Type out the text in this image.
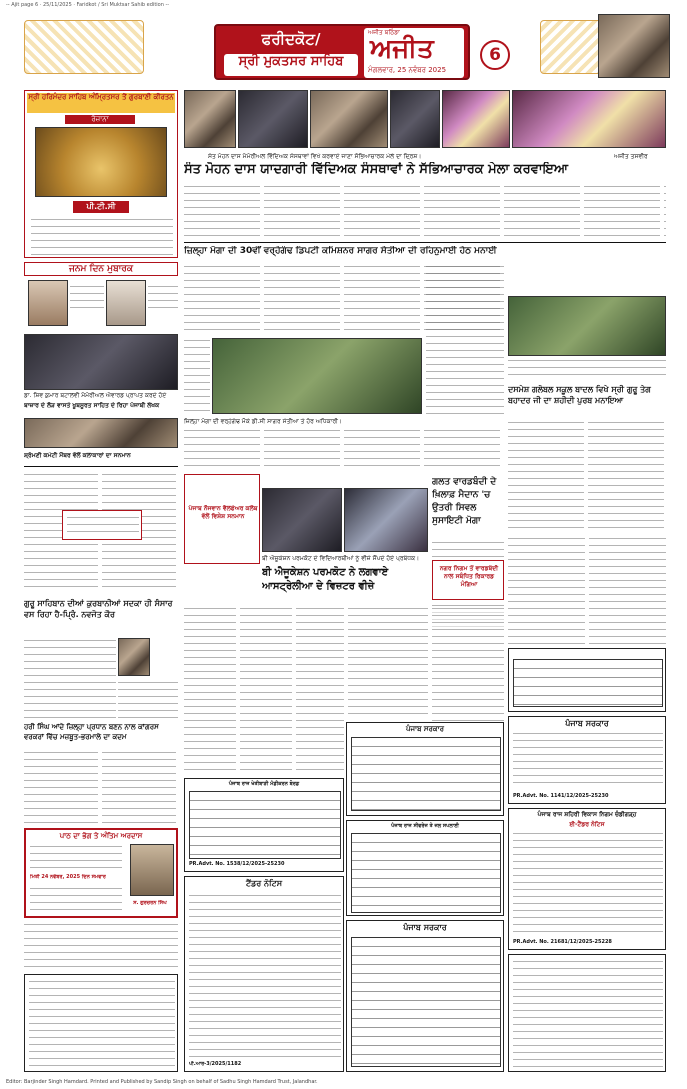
-- Ajit page 6 · 25/11/2025 · Faridkot / Sri Muktsar Sahib edition --
ਫਰੀਦਕੋਟ/
ਸ੍ਰੀ ਮੁਕਤਸਰ ਸਾਹਿਬ
ਅਜੀਤ ਬਠਿੰਡਾ
ਅਜੀਤ
ਮੰਗਲਵਾਰ, 25 ਨਵੰਬਰ 2025
6
ਸ੍ਰੀ ਹਰਿਮੰਦਰ ਸਾਹਿਬ ਅੰਮ੍ਰਿਤਸਰ ਤੋਂ ਗੁਰਬਾਣੀ ਕੀਰਤਨ
ਰੋਜ਼ਾਨਾ
ਪੀ.ਟੀ.ਸੀ
ਜਨਮ ਦਿਨ ਮੁਬਾਰਕ
ਸੰਤ ਮੋਹਨ ਦਾਸ ਮੈਮੋਰੀਅਲ ਵਿੱਦਿਅਕ ਸੰਸਥਾਵਾਂ ਵਿਖੇ ਕਰਵਾਏ ਜਾਣਾ ਸੱਭਿਆਚਾਰਕ ਮੇਲੇ ਦਾ ਦ੍ਰਿਸ਼।	ਅਜੀਤ ਤਸਵੀਰ
ਸੰਤ ਮੋਹਨ ਦਾਸ ਯਾਦਗਾਰੀ ਵਿੱਦਿਅਕ ਸੰਸਥਾਵਾਂ ਨੇ ਸੱਭਿਆਚਾਰਕ ਮੇਲਾ ਕਰਵਾਇਆ
ਜ਼ਿਲ੍ਹਾ ਮੋਗਾ ਦੀ 30ਵੀਂ ਵਰ੍ਹੇਗੰਢ ਡਿਪਟੀ ਕਮਿਸ਼ਨਰ ਸਾਗਰ ਸੇਤੀਆ ਦੀ ਰਹਿਨੁਮਾਈ ਹੇਠ ਮਨਾਈ
ਜ਼ਿਲ੍ਹਾ ਮੋਗਾ ਦੀ ਵਰ੍ਹੇਗੰਢ ਮੌਕੇ ਡੀ.ਸੀ ਸਾਗਰ ਸੇਤੀਆ ਤੇ ਹੋਰ ਅਧਿਕਾਰੀ।
ਦਸਮੇਸ਼ ਗਲੋਬਲ ਸਕੂਲ ਬਾਦਲ ਵਿਖੇ ਸ੍ਰੀ ਗੁਰੂ ਤੇਗ ਬਹਾਦਰ ਜੀ ਦਾ ਸ਼ਹੀਦੀ ਪੁਰਬ ਮਨਾਇਆ
ਡਾ. ਸ਼ਿਵ ਕੁਮਾਰ ਬਟਾਲਵੀ ਮੈਮੋਰੀਅਲ ਐਵਾਰਡ ਪ੍ਰਾਪਤ ਕਰਦੇ ਹੋਏ
ਬਾਜ਼ਾਰ ਦੇ ਲੋੜ ਵਾਸਤੇ ਖੂਬਸੂਰਤ ਸਾਹਿਤ ਦੇ ਰਿਹਾ ਪੰਜਾਬੀ ਲੇਖਕ
ਸ਼੍ਰੋਮਣੀ ਕਮੇਟੀ ਮੈਂਬਰ ਵੱਲੋਂ ਕਲਾਕਾਰਾਂ ਦਾ ਸਨਮਾਨ
ਗੁਰੂ ਸਾਹਿਬਾਨ ਦੀਆਂ ਕੁਰਬਾਨੀਆਂ ਸਦਕਾ ਹੀ ਸੰਸਾਰ ਵਸ ਰਿਹਾ ਹੈ-ਪ੍ਰਿੰ. ਨਵਜੋਤ ਕੌਰ
ਹਰੀ ਸਿੰਘ ਆਂਦੇ ਜ਼ਿਲ੍ਹਾ ਪ੍ਰਧਾਨ ਬਣਨ ਨਾਲ ਕਾਂਗਰਸ ਵਰਕਰਾਂ ਵਿੱਚ ਮਜ਼ਬੂਤ-ਭਰਮਾਲੇ ਦਾ ਕਦਮ
ਪਾਠ ਦਾ ਭੋਗ ਤੇ ਅੰਤਿਮ ਅਰਦਾਸ
ਮਿਤੀ 24 ਨਵੰਬਰ, 2025 ਦਿਨ ਸੋਮਵਾਰ
ਸ. ਗੁਰਚਰਨ ਸਿੰਘ
ਪੰਜਾਬ ਨੌਜਵਾਨ ਵੈਲਫੇਅਰ ਕਲੱਬ ਵੱਲੋਂ ਵਿਸ਼ੇਸ਼ ਸਨਮਾਨ
ਬੀ ਐਜੂਕੇਸ਼ਨ ਪਰਮਕੋਟ ਦੇ ਵਿਦਿਆਰਥੀਆਂ ਨੂੰ ਵੀਜ਼ੇ ਸੌਂਪਦੇ ਹੋਏ ਪ੍ਰਬੰਧਕ।
ਬੀ ਐਜੂਕੇਸ਼ਨ ਪਰਮਕੋਟ ਨੇ ਲਗਵਾਏ ਆਸਟ੍ਰੇਲੀਆ ਦੇ ਵਿਜ਼ਟਰ ਵੀਜ਼ੇ
ਗਲਤ ਵਾਰਡਬੰਦੀ ਦੇ ਖ਼ਿਲਾਫ਼ ਮੈਦਾਨ 'ਚ ਉਤਰੀ ਸਿਵਲ ਸੁਸਾਇਟੀ ਮੋਗਾ
ਨਗਰ ਨਿਗਮ ਤੋਂ ਵਾਰਡਬੰਦੀ ਨਾਲ ਸਬੰਧਿਤ ਰਿਕਾਰਡ ਮੰਗਿਆ
ਪੰਜਾਬ ਸਰਕਾਰ
PR.Advt. No. 1141/12/2025-25230
ਪੰਜਾਬ ਰਾਜ ਸ਼ਹਿਰੀ ਵਿਕਾਸ ਨਿਗਮ ਚੰਡੀਗੜ੍ਹ
ਈ-ਟੈਂਡਰ ਨੋਟਿਸ
PR.Advt. No. 21681/12/2025-25228
ਪੰਜਾਬ ਸਰਕਾਰ
ਪੰਜਾਬ ਰਾਜ ਖੇਤੀਬਾੜੀ ਮੰਡੀਕਰਨ ਬੋਰਡ
PR.Advt. No. 1538/12/2025-25230
ਪੰਜਾਬ ਰਾਜ ਸੀਵਰੇਜ ਤੇ ਜਲ ਸਪਲਾਈ
ਟੈਂਡਰ ਨੋਟਿਸ
ਪੀ.ਆਰ-3/2025/1182
ਪੰਜਾਬ ਸਰਕਾਰ
Editor: Barjinder Singh Hamdard. Printed and Published by Sandip Singh on behalf of Sadhu Singh Hamdard Trust, Jalandhar.
